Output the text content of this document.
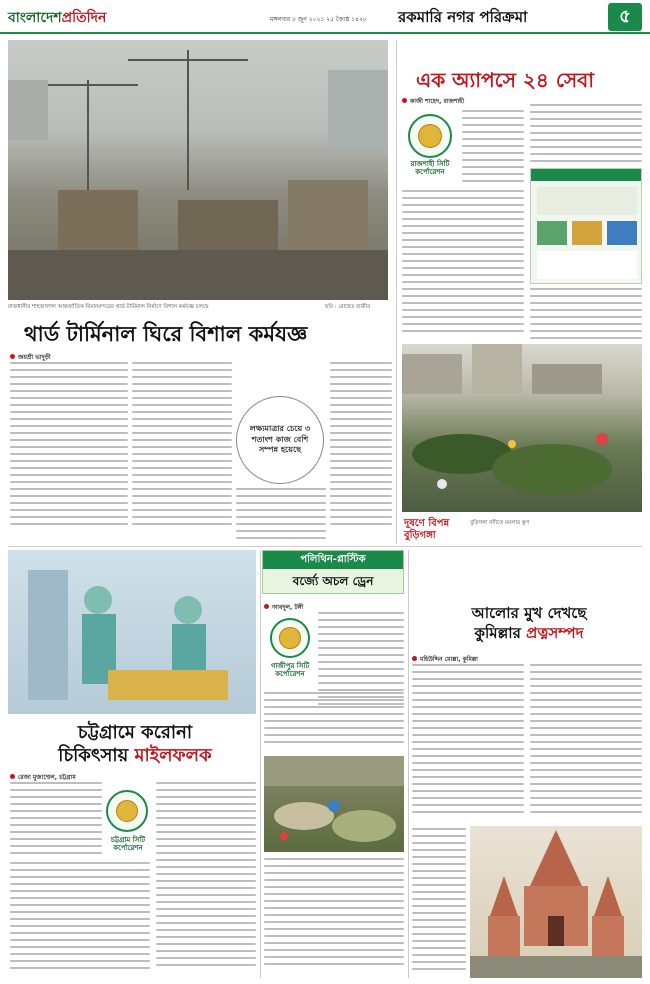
বাংলাদেশপ্রতিদিন	মঙ্গলবার ৮ জুন ২০২১ ২৫ জ্যৈষ্ঠ ১৪২৮ রকমারি নগর পরিক্রমা	৫
রাজধানীর শাহজালাল আন্তর্জাতিক বিমানবন্দরের থার্ড টার্মিনাল নির্মাণে বিশাল কর্মযজ্ঞ চলছে	ছবি : রোহেত রাজীব
থার্ড টার্মিনাল ঘিরে বিশাল কর্মযজ্ঞ
জয়শ্রী ভাদুড়ী
লক্ষ্যমাত্রার চেয়ে ৩ শতাংশ কাজ বেশি সম্পন্ন হয়েছে
এক অ্যাপসে ২৪ সেবা
কাজী শাহেদ, রাজশাহী
রাজশাহী সিটি কর্পোরেশন
দূষণে বিপন্ন
বুড়িগঙ্গা
বুড়িগঙ্গা নদীতে ময়লার স্তূপ
চট্টগ্রামে করোনা
চিকিৎসায় মাইলফলক
রেজা মুজাম্মেল, চট্টগ্রাম
চট্টগ্রাম সিটি কর্পোরেশন
পলিথিন-প্লাস্টিক
বর্জ্যে অচল ড্রেন
আবদুল, টঙ্গী
গাজীপুর সিটি কর্পোরেশন
আলোর মুখ দেখছে
কুমিল্লার প্রত্নসম্পদ
মহিউদ্দিন মোল্লা, কুমিল্লা
